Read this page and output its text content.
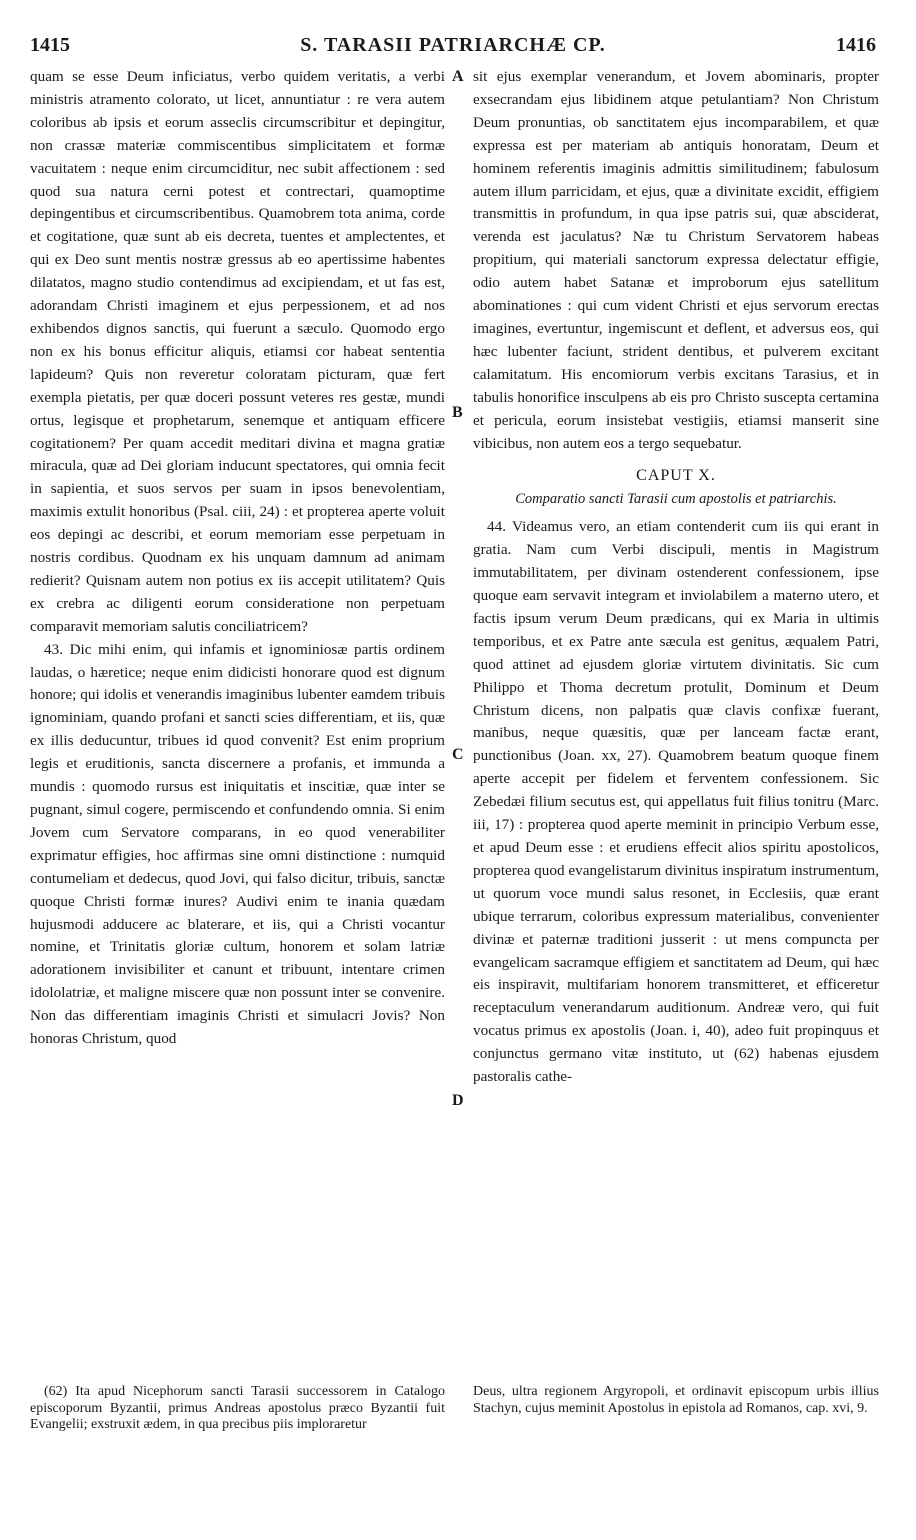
1415	S. TARASII PATRIARCHÆ CP.	1416

quam se esse Deum inficiatus, verbo quidem veritatis, a verbi ministris atramento colorato, ut licet, annuntiatur : re vera autem coloribus ab ipsis et eorum asseclis circumscribitur et depingitur, non crassæ materiæ commiscentibus simplicitatem et formæ vacuitatem : neque enim circumciditur, nec subit affectionem : sed quod sua natura cerni potest et contrectari, quamoptime depingentibus et circumscribentibus. Quamobrem tota anima, corde et cogitatione, quæ sunt ab eis decreta, tuentes et amplectentes, et qui ex Deo sunt mentis nostræ gressus ab eo apertissime habentes dilatatos, magno studio contendimus ad excipiendam, et ut fas est, adorandam Christi imaginem et ejus perpessionem, et ad nos exhibendos dignos sanctis, qui fuerunt a sæculo. Quomodo ergo non ex his bonus efficitur aliquis, etiamsi cor habeat sententia lapideum? Quis non reveretur coloratam picturam, quæ fert exempla pietatis, per quæ doceri possunt veteres res gestæ, mundi ortus, legisque et prophetarum, senemque et antiquam efficere cogitationem? Per quam accedit meditari divina et magna gratiæ miracula, quæ ad Dei gloriam inducunt spectatores, qui omnia fecit in sapientia, et suos servos per suam in ipsos benevolentiam, maximis extulit honoribus (Psal. ciii, 24) : et propterea aperte voluit eos depingi ac describi, et eorum memoriam esse perpetuam in nostris cordibus. Quodnam ex his unquam damnum ad animam redierit? Quisnam autem non potius ex iis accepit utilitatem? Quis ex crebra ac diligenti eorum consideratione non perpetuam comparavit memoriam salutis conciliatricem?

43. Dic mihi enim, qui infamis et ignominiosæ partis ordinem laudas, o hæretice; neque enim didicisti honorare quod est dignum honore; qui idolis et venerandis imaginibus lubenter eamdem tribuis ignominiam, quando profani et sancti scies differentiam, et iis, quæ ex illis deducuntur, tribues id quod convenit? Est enim proprium legis et eruditionis, sancta discernere a profanis, et immunda a mundis : quomodo rursus est iniquitatis et inscitiæ, quæ inter se pugnant, simul cogere, permiscendo et confundendo omnia. Si enim Jovem cum Servatore comparans, in eo quod venerabiliter exprimatur effigies, hoc affirmas sine omni distinctione : numquid contumeliam et dedecus, quod Jovi, qui falso dicitur, tribuis, sanctæ quoque Christi formæ inures? Audivi enim te inania quædam hujusmodi adducere ac blaterare, et iis, qui a Christi vocantur nomine, et Trinitatis gloriæ cultum, honorem et solam latriæ adorationem invisibiliter et canunt et tribuunt, intentare crimen idololatriæ, et maligne miscere quæ non possunt inter se convenire. Non das differentiam imaginis Christi et simulacri Jovis? Non honoras Christum, quod

A
B
C
D

sit ejus exemplar venerandum, et Jovem abominaris, propter exsecrandam ejus libidinem atque petulantiam? Non Christum Deum pronuntias, ob sanctitatem ejus incomparabilem, et quæ expressa est per materiam ab antiquis honoratam, Deum et hominem referentis imaginis admittis similitudinem; fabulosum autem illum parricidam, et ejus, quæ a divinitate excidit, effigiem transmittis in profundum, in qua ipse patris sui, quæ absciderat, verenda est jaculatus? Næ tu Christum Servatorem habeas propitium, qui materiali sanctorum expressa delectatur effigie, odio autem habet Satanæ et improborum ejus satellitum abominationes : qui cum vident Christi et ejus servorum erectas imagines, evertuntur, ingemiscunt et deflent, et adversus eos, qui hæc lubenter faciunt, strident dentibus, et pulverem excitant calamitatum. His encomiorum verbis excitans Tarasius, et in tabulis honorifice insculpens ab eis pro Christo suscepta certamina et pericula, eorum insistebat vestigiis, etiamsi manserit sine vibicibus, non autem eos a tergo sequebatur.

CAPUT X.
Comparatio sancti Tarasii cum apostolis et patriarchis.

44. Videamus vero, an etiam contenderit cum iis qui erant in gratia. Nam cum Verbi discipuli, mentis in Magistrum immutabilitatem, per divinam ostenderent confessionem, ipse quoque eam servavit integram et inviolabilem a materno utero, et factis ipsum verum Deum prædicans, qui ex Maria in ultimis temporibus, et ex Patre ante sæcula est genitus, æqualem Patri, quod attinet ad ejusdem gloriæ virtutem divinitatis. Sic cum Philippo et Thoma decretum protulit, Dominum et Deum Christum dicens, non palpatis quæ clavis confixæ fuerant, manibus, neque quæsitis, quæ per lanceam factæ erant, punctionibus (Joan. xx, 27). Quamobrem beatum quoque finem aperte accepit per fidelem et ferventem confessionem. Sic Zebedæi filium secutus est, qui appellatus fuit filius tonitru (Marc. iii, 17) : propterea quod aperte meminit in principio Verbum esse, et apud Deum esse : et erudiens effecit alios spiritu apostolicos, propterea quod evangelistarum divinitus inspiratum instrumentum, ut quorum voce mundi salus resonet, in Ecclesiis, quæ erant ubique terrarum, coloribus expressum materialibus, convenienter divinæ et paternæ traditioni jusserit : ut mens compuncta per evangelicam sacramque effigiem et sanctitatem ad Deum, qui hæc eis inspiravit, multifariam honorem transmitteret, et efficeretur receptaculum venerandarum auditionum. Andreæ vero, qui fuit vocatus primus ex apostolis (Joan. i, 40), adeo fuit propinquus et conjunctus germano vitæ instituto, ut (62) habenas ejusdem pastoralis cathe-

(62) Ita apud Nicephorum sancti Tarasii successorem in Catalogo episcoporum Byzantii, primus Andreas apostolus præco Byzantii fuit Evangelii; exstruxit ædem, in qua precibus piis imploraretur

Deus, ultra regionem Argyropoli, et ordinavit episcopum urbis illius Stachyn, cujus meminit Apostolus in epistola ad Romanos, cap. xvi, 9.
